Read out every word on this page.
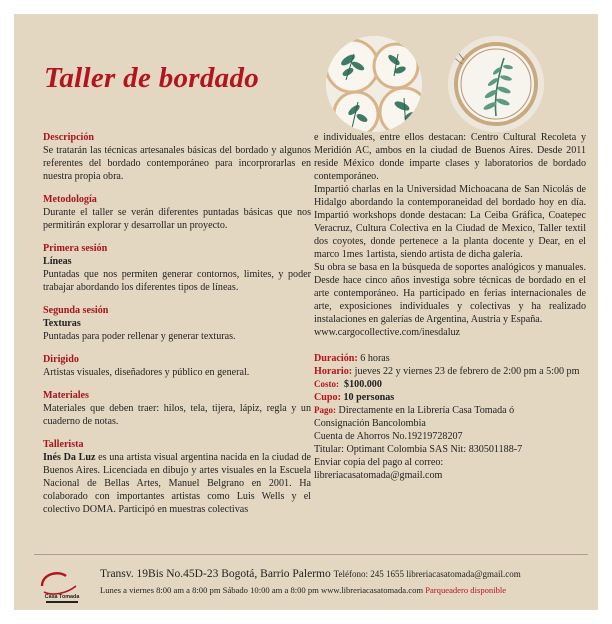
Taller de bordado
Descripción

Se tratarán las técnicas artesanales básicas del bordado y algunos referentes del bordado contemporáneo para incorprorarlas en nuestra propia obra.

Metodología

Durante el taller se verán diferentes puntadas básicas que nos permitirán explorar y desarrollar un proyecto.

Primera sesión
Líneas

Puntadas que nos permiten generar contornos, limites, y poder trabajar abordando los diferentes tipos de líneas.

Segunda sesión
Texturas

Puntadas para poder rellenar y generar texturas.

Dirigido

Artistas visuales, diseñadores y público en general.

Materiales

Materiales que deben traer: hilos, tela, tijera, lápiz, regla y un cuaderno de notas.

Tallerista

Inés Da Luz es una artista visual argentina nacida en la ciudad de Buenos Aires. Licenciada en dibujo y artes visuales en la Escuela Nacional de Bellas Artes, Manuel Belgrano en 2001. Ha colaborado con importantes artistas como Luis Wells y el colectivo DOMA. Participó en muestras colectivas

e individuales, entre ellos destacan: Centro Cultural Recoleta y Meridión AC, ambos en la ciudad de Buenos Aires. Desde 2011 reside México donde imparte clases y laboratorios de bordado contemporáneo.

Impartió charlas en la Universidad Michoacana de San Nicolás de Hidalgo abordando la contemporaneidad del bordado hoy en día. Impartió workshops donde destacan: La Ceiba Gráfica, Coatepec Veracruz, Cultura Colectiva en la Ciudad de Mexico, Taller textil dos coyotes, donde pertenece a la planta docente y Dear, en el marco 1mes 1artista, siendo artista de dicha galería.

Su obra se basa en la búsqueda de soportes analógicos y manuales. Desde hace cinco años investiga sobre técnicas de bordado en el arte contemporáneo. Ha participado en ferias internacionales de arte, exposiciones individuales y colectivas y ha realizado instalaciones en galerías de Argentina, Austria y España.

www.cargocollective.com/inesdaluz
Duración: 6 horas

Horario: jueves 22 y viernes 23 de febrero de 2:00 pm a 5:00 pm

Costo: $100.000
Cupo: 10 personas
Pago: Directamente en la Librería Casa Tomada ó
Consignación Bancolombia
Cuenta de Ahorros No.19219728207
Titular: Optimant Colombia SAS Nit: 830501188-7
Enviar copia del pago al correo:
libreriacasatomada@gmail.com
Casa Tomada
Transv. 19Bis No.45D-23 Bogotá, Barrio Palermo Teléfono: 245 1655 libreriacasatomada@gmail.com
Lunes a viernes 8:00 am a 8:00 pm Sábado 10:00 am a 8:00 pm www.libreriacasatomada.com Parqueadero disponible
